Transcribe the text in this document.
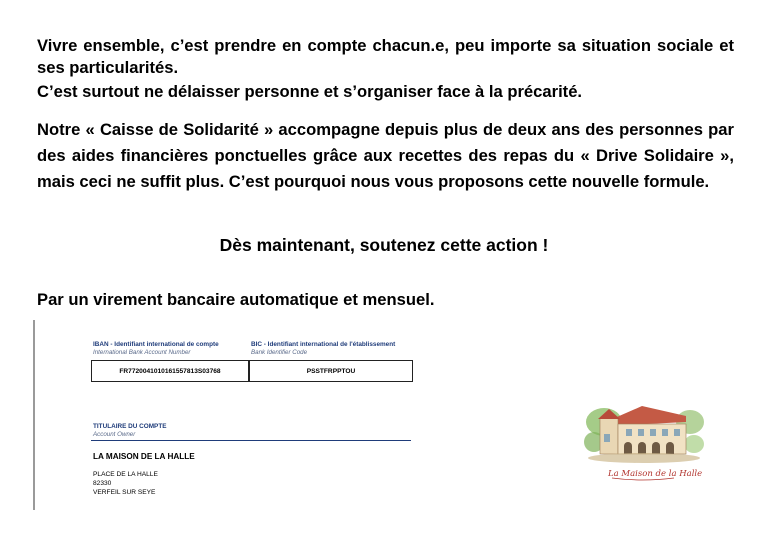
Vivre ensemble, c’est prendre en compte chacun.e, peu importe sa situation sociale et ses particularités.

C’est surtout ne délaisser personne et s’organiser face à la précarité.

Notre « Caisse de Solidarité » accompagne depuis plus de deux ans des personnes par des aides financières ponctuelles grâce aux recettes des repas du « Drive Solidaire », mais ceci ne suffit plus. C’est pourquoi nous vous proposons cette nouvelle formule.

Dès maintenant, soutenez cette action !

Par un virement bancaire automatique et mensuel.

IBAN - Identifiant international de compte
International Bank Account Number
BIC - Identifiant international de l'établissement
Bank Identifier Code
FR7720041010161557813S03768	PSSTFRPPTOU
TITULAIRE DU COMPTE
Account Owner
LA MAISON DE LA HALLE
PLACE DE LA HALLE
82330
VERFEIL SUR SEYE
La Maison de la Halle
